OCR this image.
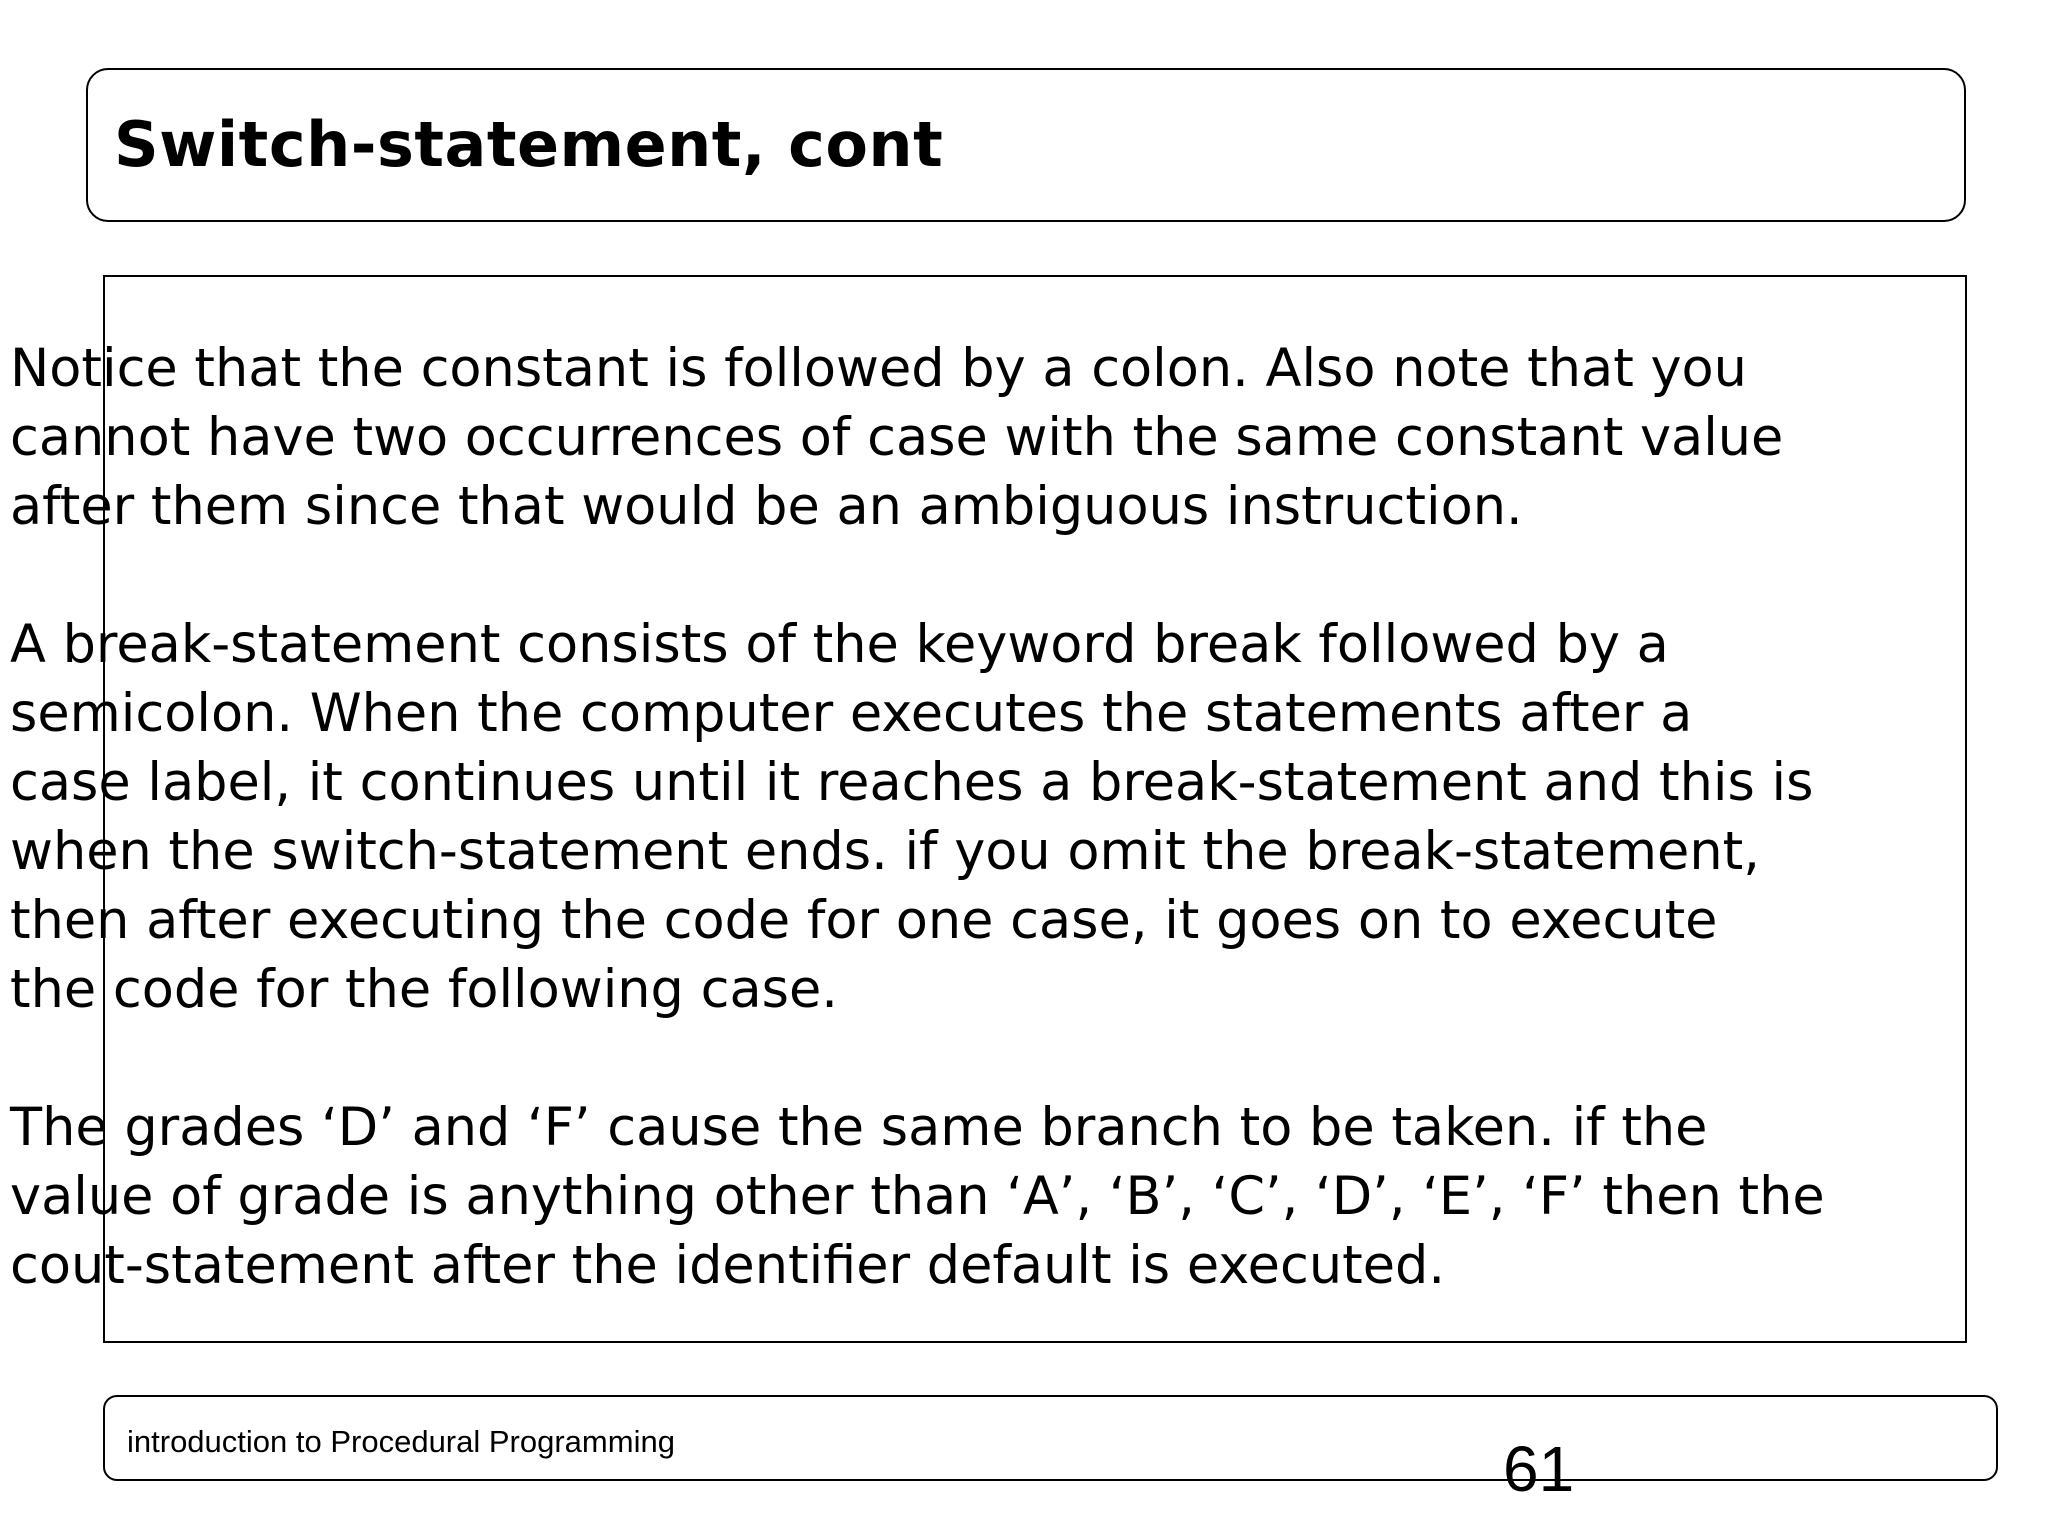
Switch-statement, cont

Notice that the constant is followed by a colon. Also note that you
cannot have two occurrences of case with the same constant value
after them since that would be an ambiguous instruction.

A break-statement consists of the keyword break followed by a
semicolon. When the computer executes the statements after a
case label, it continues until it reaches a break-statement and this is
when the switch-statement ends. if you omit the break-statement,
then after executing the code for one case, it goes on to execute
the code for the following case.

The grades ‘D’ and ‘F’ cause the same branch to be taken. if the
value of grade is anything other than ‘A’, ‘B’, ‘C’, ‘D’, ‘E’, ‘F’ then the
cout-statement after the identifier default is executed.

introduction to Procedural Programming	61
